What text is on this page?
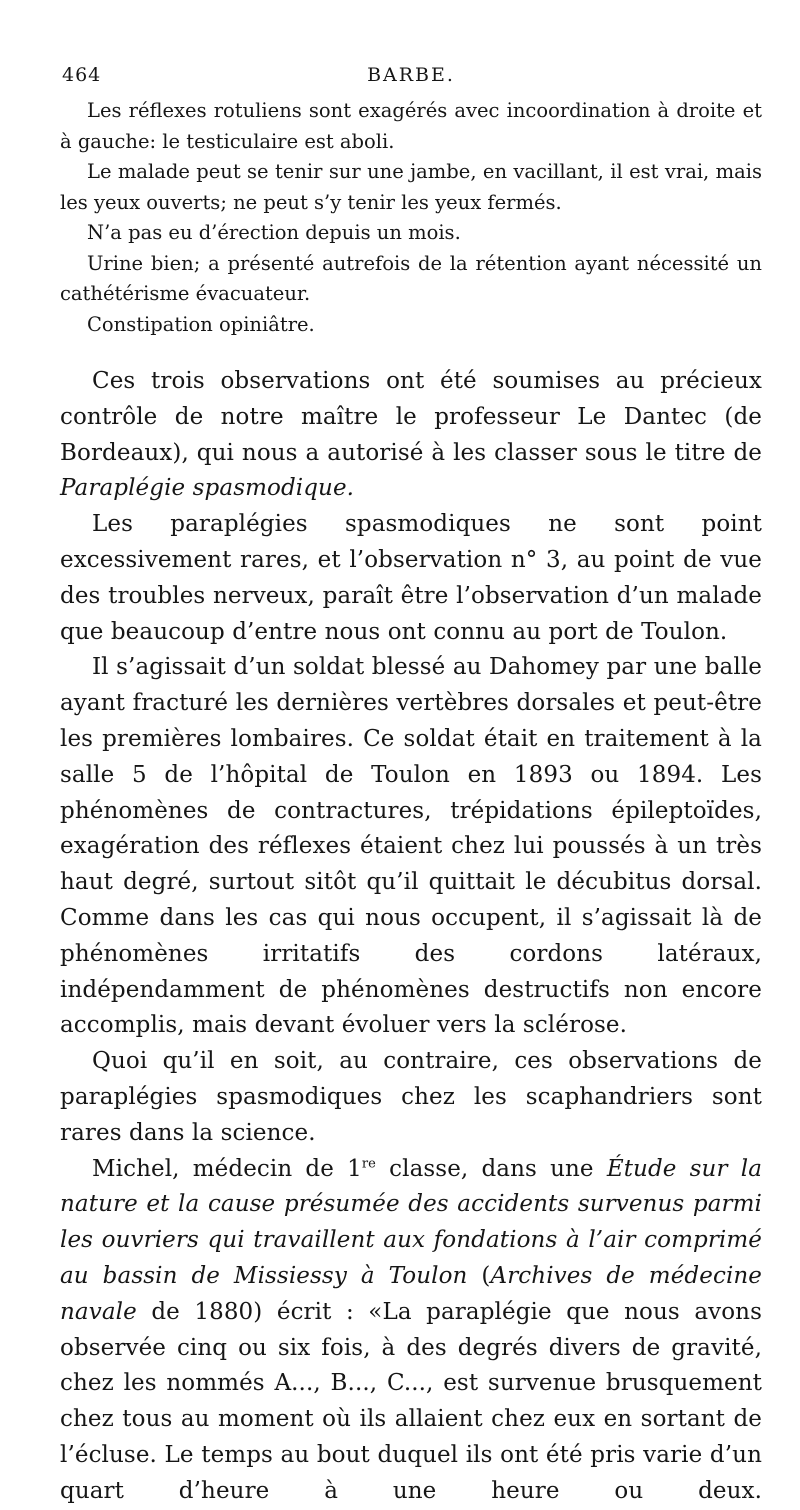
464	BARBE.

Les réflexes rotuliens sont exagérés avec incoordination à droite et à gauche: le testiculaire est aboli.

Le malade peut se tenir sur une jambe, en vacillant, il est vrai, mais les yeux ouverts; ne peut s’y tenir les yeux fermés.

N’a pas eu d’érection depuis un mois.

Urine bien; a présenté autrefois de la rétention ayant nécessité un cathétérisme évacuateur.

Constipation opiniâtre.

Ces trois observations ont été soumises au précieux contrôle de notre maître le professeur Le Dantec (de Bordeaux), qui nous a autorisé à les classer sous le titre de Paraplégie spasmodique.

Les paraplégies spasmodiques ne sont point excessivement rares, et l’observation n° 3, au point de vue des troubles nerveux, paraît être l’observation d’un malade que beaucoup d’entre nous ont connu au port de Toulon.

Il s’agissait d’un soldat blessé au Dahomey par une balle ayant fracturé les dernières vertèbres dorsales et peut-être les premières lombaires. Ce soldat était en traitement à la salle 5 de l’hôpital de Toulon en 1893 ou 1894. Les phénomènes de contractures, trépidations épileptoïdes, exagération des réflexes étaient chez lui poussés à un très haut degré, surtout sitôt qu’il quittait le décubitus dorsal. Comme dans les cas qui nous occupent, il s’agissait là de phénomènes irritatifs des cordons latéraux, indépendamment de phénomènes destructifs non encore accomplis, mais devant évoluer vers la sclérose.

Quoi qu’il en soit, au contraire, ces observations de paraplégies spasmodiques chez les scaphandriers sont rares dans la science.

Michel, médecin de 1re classe, dans une Étude sur la nature et la cause présumée des accidents survenus parmi les ouvriers qui travaillent aux fondations à l’air comprimé au bassin de Missiessy à Toulon (Archives de médecine navale de 1880) écrit : «La paraplégie que nous avons observée cinq ou six fois, à des degrés divers de gravité, chez les nommés A..., B..., C..., est survenue brusquement chez tous au moment où ils allaient chez eux en sortant de l’écluse. Le temps au bout duquel ils ont été pris varie d’un quart d’heure à une heure ou deux.
